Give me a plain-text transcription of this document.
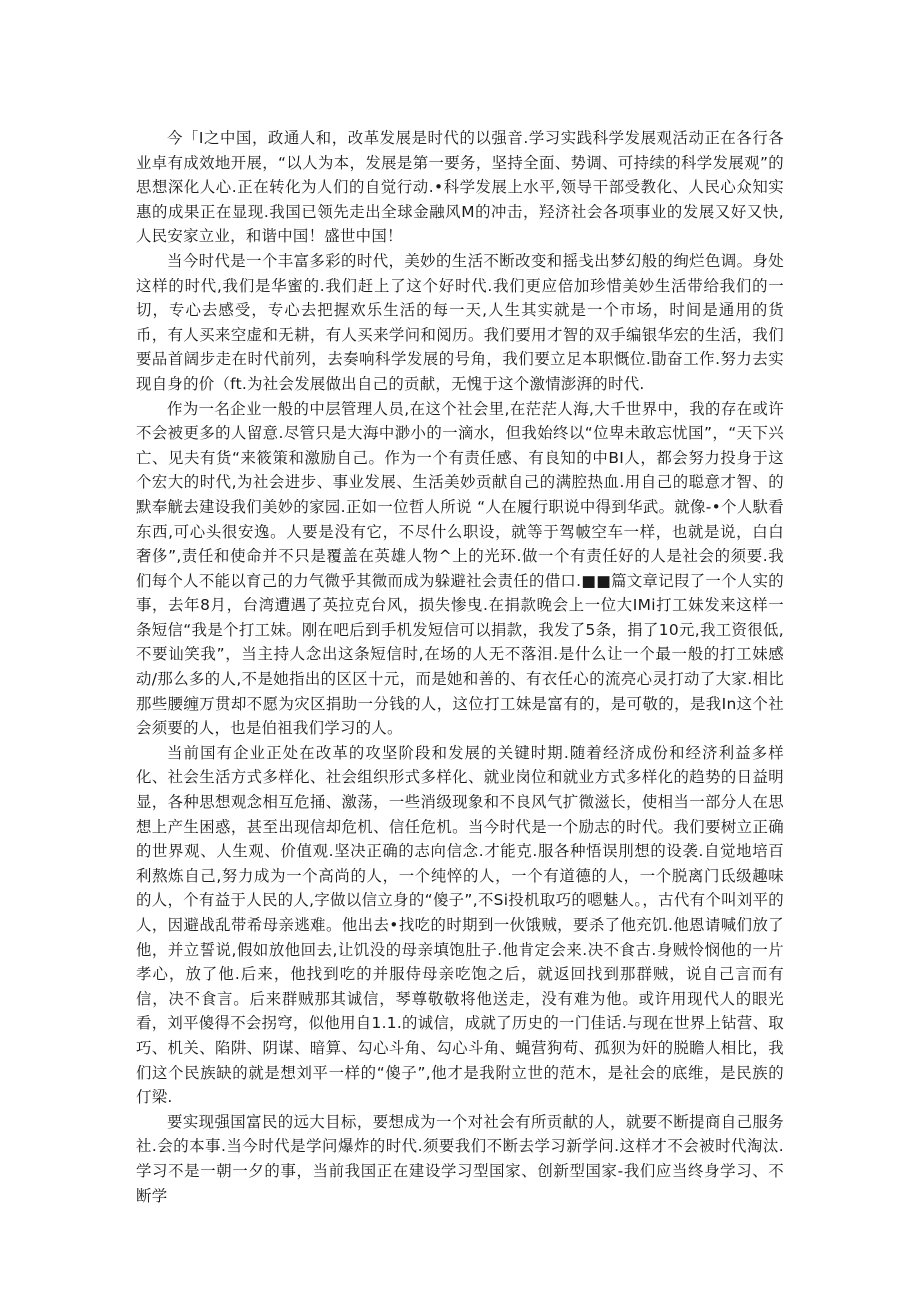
今「I之中国，政通人和，改革发展是时代的以强音.学习实践科学发展观活动正在各行各业卓有成效地开展，“以人为本，发展是第一要务，坚持全面、势调、可持续的科学发展观”的思想深化人心.正在转化为人们的自觉行动.•科学发展上水平,领导干部受教化、人民心众知实惠的成果正在显现.我国已领先走出全球金融风M的冲击，羟济社会各项事业的发展又好又快,人民安家立业，和谐中国！盛世中国！

当今时代是一个丰富多彩的时代，美妙的生活不断改变和摇戋出梦幻般的绚烂色调。身处这样的时代,我们是华蜜的.我们赶上了这个好时代.我们更应倍加珍惜美妙生活带给我们的一切，专心去感受，专心去把握欢乐生活的每一天,人生其实就是一个市场，时间是通用的货币，有人买来空虚和无耕，有人买来学问和阅历。我们要用才智的双手编银华宏的生活，我们要品首阔步走在时代前列，去奏响科学发展的号角，我们要立足本职慨位.勖奋工作.努力去实现自身的价（ft.为社会发展做出自己的贡献，无愧于这个激情澎湃的时代.

作为一名企业一般的中层管理人员,在这个社会里,在茫茫人海,大千世界中，我的存在或许不会被更多的人留意.尽管只是大海中渺小的一滴水，但我始终以“位卑未敢忘忧国”，“天下兴亡、见夫有货“来筱策和激励自己。作为一个有责任感、有良知的中BI人，都会努力投身于这个宏大的时代,为社会进步、事业发展、生活美妙贡献自己的满腔热血.用自己的聪意才智、的默奉觥去建设我们美妙的家园.正如一位哲人所说 “人在履行职说中得到华武。就像-•个人馱看东西,可心头很安逸。人要是没有它，不尽什么职设，就等于驾帔空车一样，也就是说，白白奢侈”,责任和使命并不只是覆盖在英雄人物^上的光环.做一个有责任好的人是社会的须要.我们每个人不能以育己的力气微乎其微而成为躲避社会责任的借口.■■篇文章记叚了一个人实的事，去年8月，台湾遭遇了英拉克台风，损失惨曳.在捐款晚会上一位大IMi打工妹发来这样一条短信“我是个打工妹。刚在吧后到手机发短信可以捐款，我发了5条，捐了10元,我工资很低,不要讪笑我”，当主持人念出这条短信时,在场的人无不落泪.是什么让一个最一般的打工妹感动/那么多的人,不是她指出的区区十元，而是她和善的、有衣任心的流亮心灵打动了大家.相比那些腰缠万贯却不愿为灾区捐助一分钱的人，这位打工妹是富有的，是可敬的，是我In这个社会须要的人，也是伯祖我们学习的人。

当前国有企业正处在改革的攻坚阶段和发展的关键时期.随着经济成份和经济利益多样化、社会生活方式多样化、社会组织形式多样化、就业岗位和就业方式多样化的趋势的日益明显，各种思想观念相互危捅、激荡，一些消级现象和不良风气扩微滋长，使相当一部分人在思想上产生困惑，甚至出现信却危机、信任危机。当今时代是一个励志的时代。我们要树立正确的世界观、人生观、价值观.坚决正确的志向信念.才能克.服各种悟误刖想的设袭.自觉地培百利熬炼自己,努力成为一个高尚的人，一个纯悴的人，一个有道德的人，一个脱离门氐级趣味的人，个有益于人民的人,字做以信立身的“傻子”,不Si投机取巧的嗯魅人。，古代有个叫刘平的人，因避战乱带希母亲逃难。他出去•找吃的时期到一伙饿贼，要杀了他充饥.他恩请喊们放了他，并立誓说,假如放他回去,让饥没的母亲填饱肚子.他肯定会来.决不食古.身贼怜悯他的一片孝心，放了他.后来，他找到吃的并服侍母亲吃饱之后，就返回找到那群贼，说自己言而有信，决不食言。后来群贼那其诚信，琴尊敬敬将他送走，没有难为他。或许用现代人的眼光看，刘平傻得不会拐穹，似他用自1.1.的诚信，成就了历史的一门佳话.与现在世界上钻营、取巧、机关、陷阱、阴谋、暗算、勾心斗角、勾心斗角、蝇营狗苟、孤狈为奸的脱瞻人相比，我们这个民族缺的就是想刘平一样的“傻子”,他才是我附立世的范木，是社会的底维，是民族的仃梁.

要实现强国富民的远大目标，要想成为一个对社会有所贡献的人，就要不断提商自己服务社.会的本事.当今时代是学问爆炸的时代.须要我们不断去学习新学问.这样才不会被时代淘汰.学习不是一朝一夕的事，当前我国正在建设学习型国家、创新型国家-我们应当终身学习、不断学
